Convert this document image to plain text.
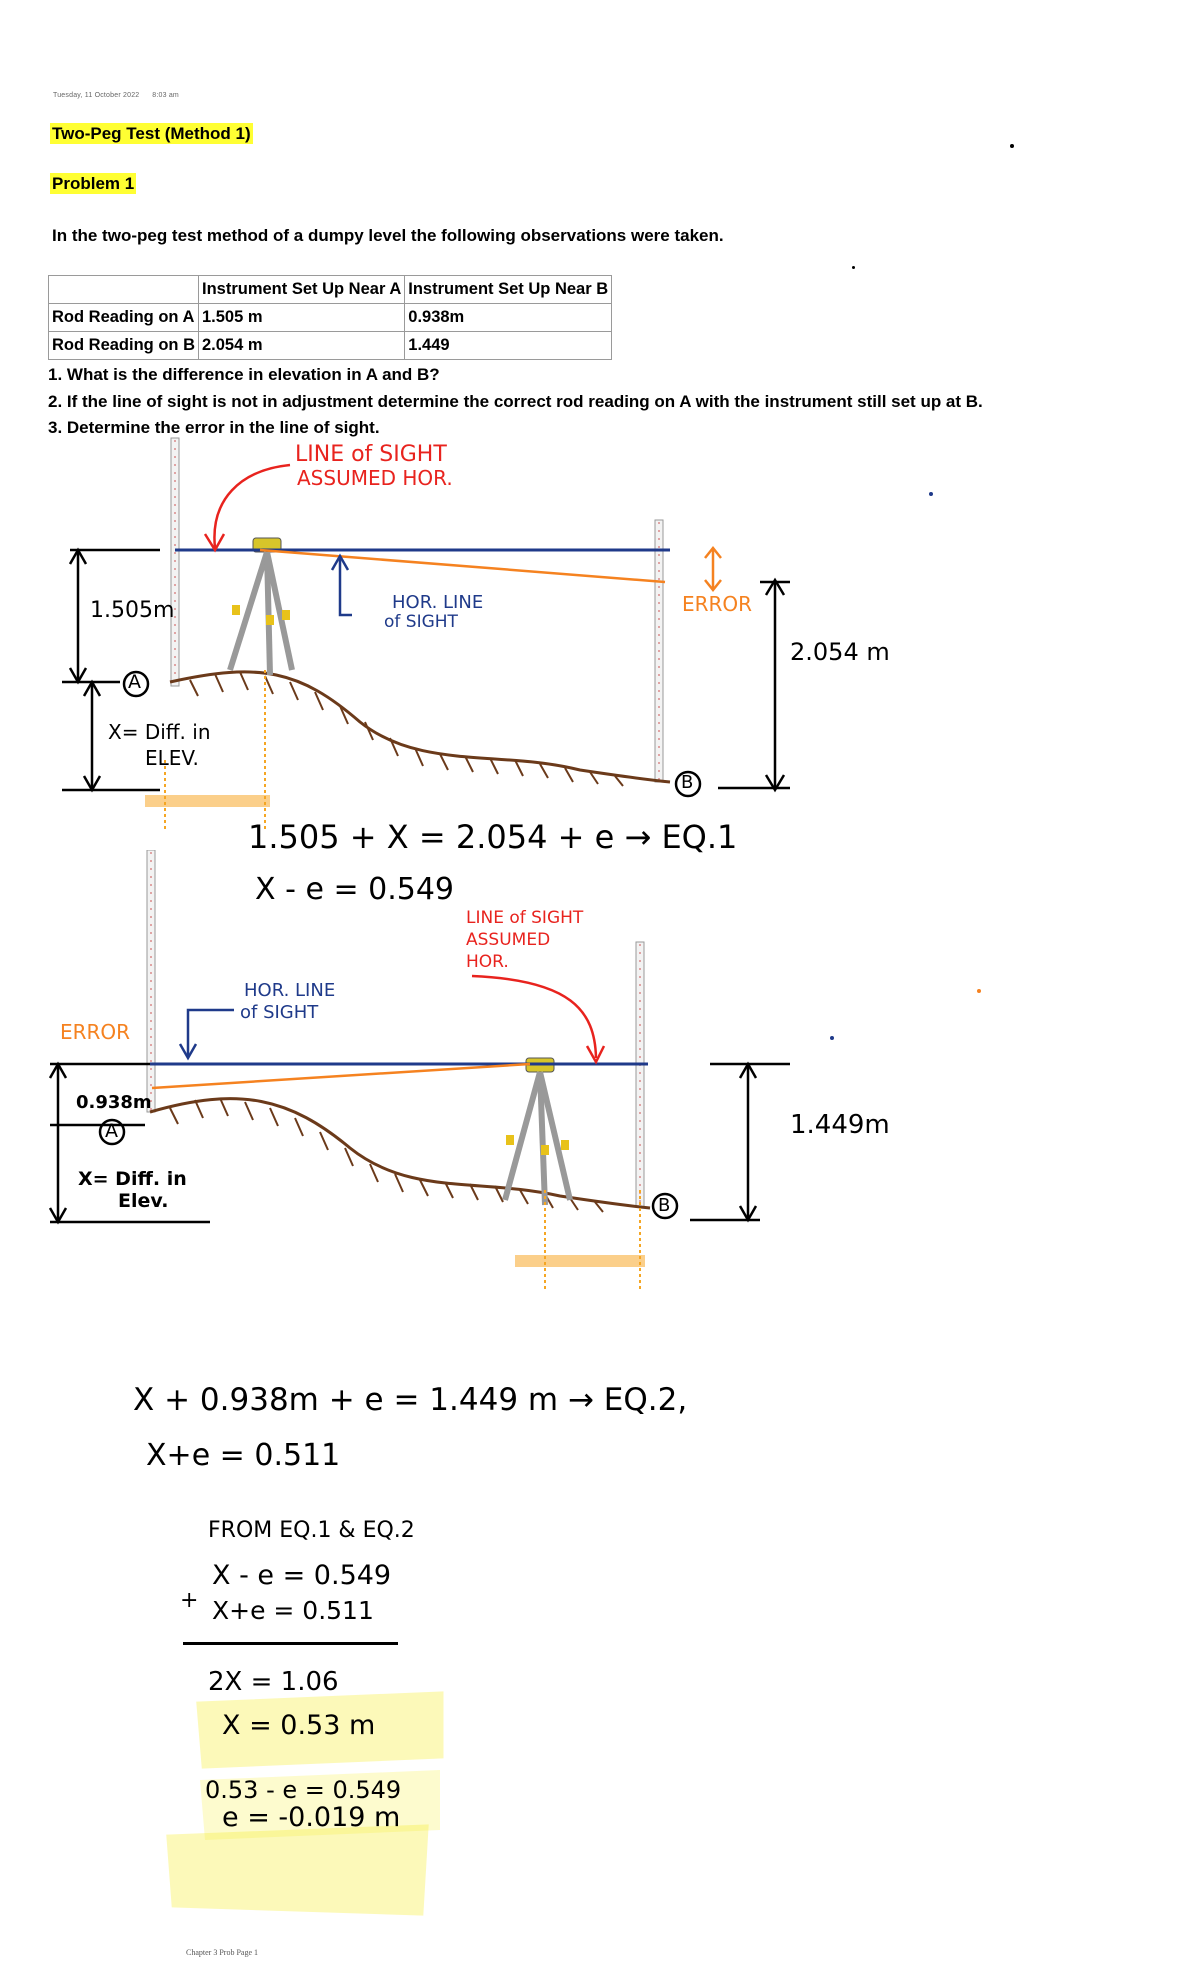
Tuesday, 11 October 2022 8:03 am
Two-Peg Test (Method 1)
Problem 1
In the two-peg test method of a dumpy level the following observations were taken.
	Instrument Set Up Near A	Instrument Set Up Near B
Rod Reading on A	1.505 m	0.938m
Rod Reading on B	2.054 m	1.449
1. What is the difference in elevation in A and B?
2. If the line of sight is not in adjustment determine the correct rod reading on A with the instrument still set up at B.
3. Determine the error in the line of sight.
LINE of SIGHT
ASSUMED HOR.
HOR. LINE
of SIGHT
ERROR
1.505m
2.054 m
A
B
X= Diff. in
ELEV.
1.505 + X = 2.054 + e → EQ.1
X - e = 0.549
LINE of SIGHT
ASSUMED
HOR.
HOR. LINE
of SIGHT
ERROR
0.938m
A
B
1.449m
X= Diff. in
Elev.
X + 0.938m + e = 1.449 m → EQ.2,
X+e = 0.511
FROM EQ.1 & EQ.2
X - e = 0.549
+ X+e = 0.511
2X = 1.06
X = 0.53 m
0.53 - e = 0.549
e = -0.019 m
Chapter 3 Prob Page 1
